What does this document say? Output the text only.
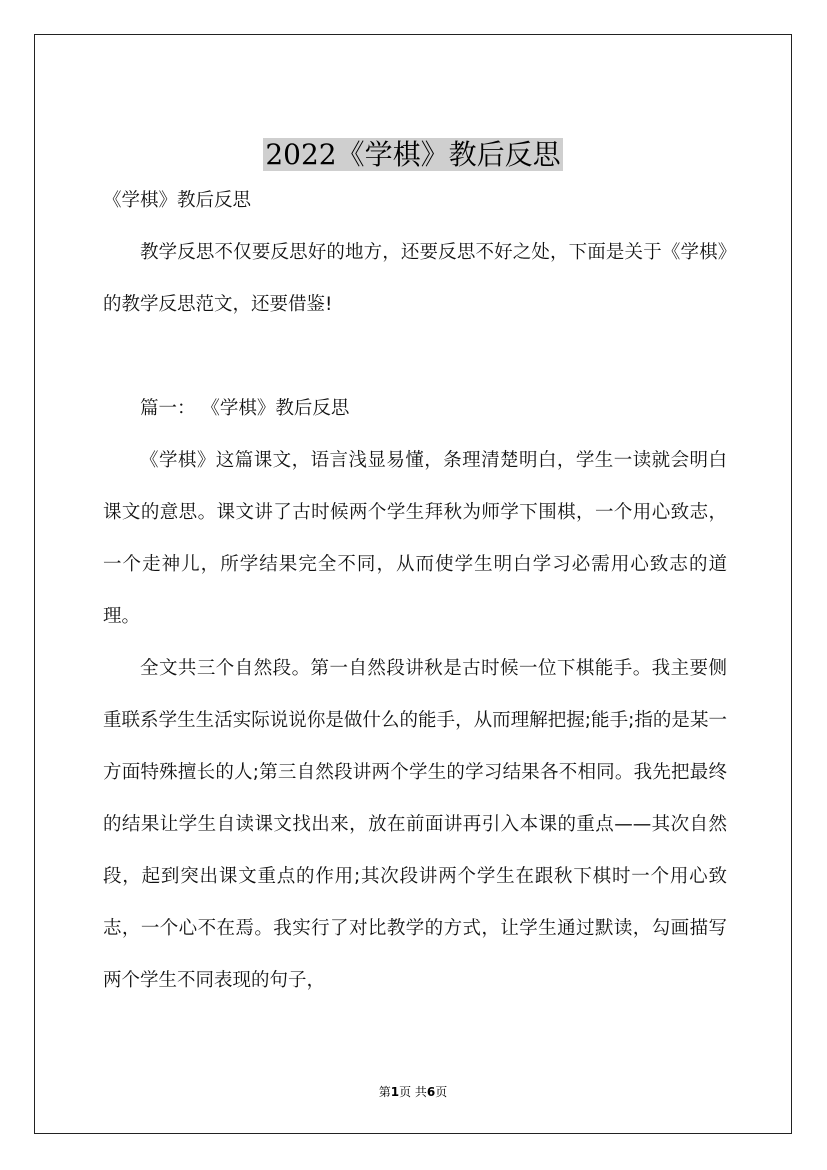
2022《学棋》教后反思

《学棋》教后反思

教学反思不仅要反思好的地方，还要反思不好之处，下面是关于《学棋》的教学反思范文，还要借鉴!

篇一： 《学棋》教后反思

《学棋》这篇课文，语言浅显易懂，条理清楚明白，学生一读就会明白课文的意思。课文讲了古时候两个学生拜秋为师学下围棋，一个用心致志，一个走神儿，所学结果完全不同，从而使学生明白学习必需用心致志的道理。

全文共三个自然段。第一自然段讲秋是古时候一位下棋能手。我主要侧重联系学生生活实际说说你是做什么的能手，从而理解把握;能手;指的是某一方面特殊擅长的人;第三自然段讲两个学生的学习结果各不相同。我先把最终的结果让学生自读课文找出来，放在前面讲再引入本课的重点——其次自然段，起到突出课文重点的作用;其次段讲两个学生在跟秋下棋时一个用心致志，一个心不在焉。我实行了对比教学的方式，让学生通过默读，勾画描写两个学生不同表现的句子，

第1页 共6页
